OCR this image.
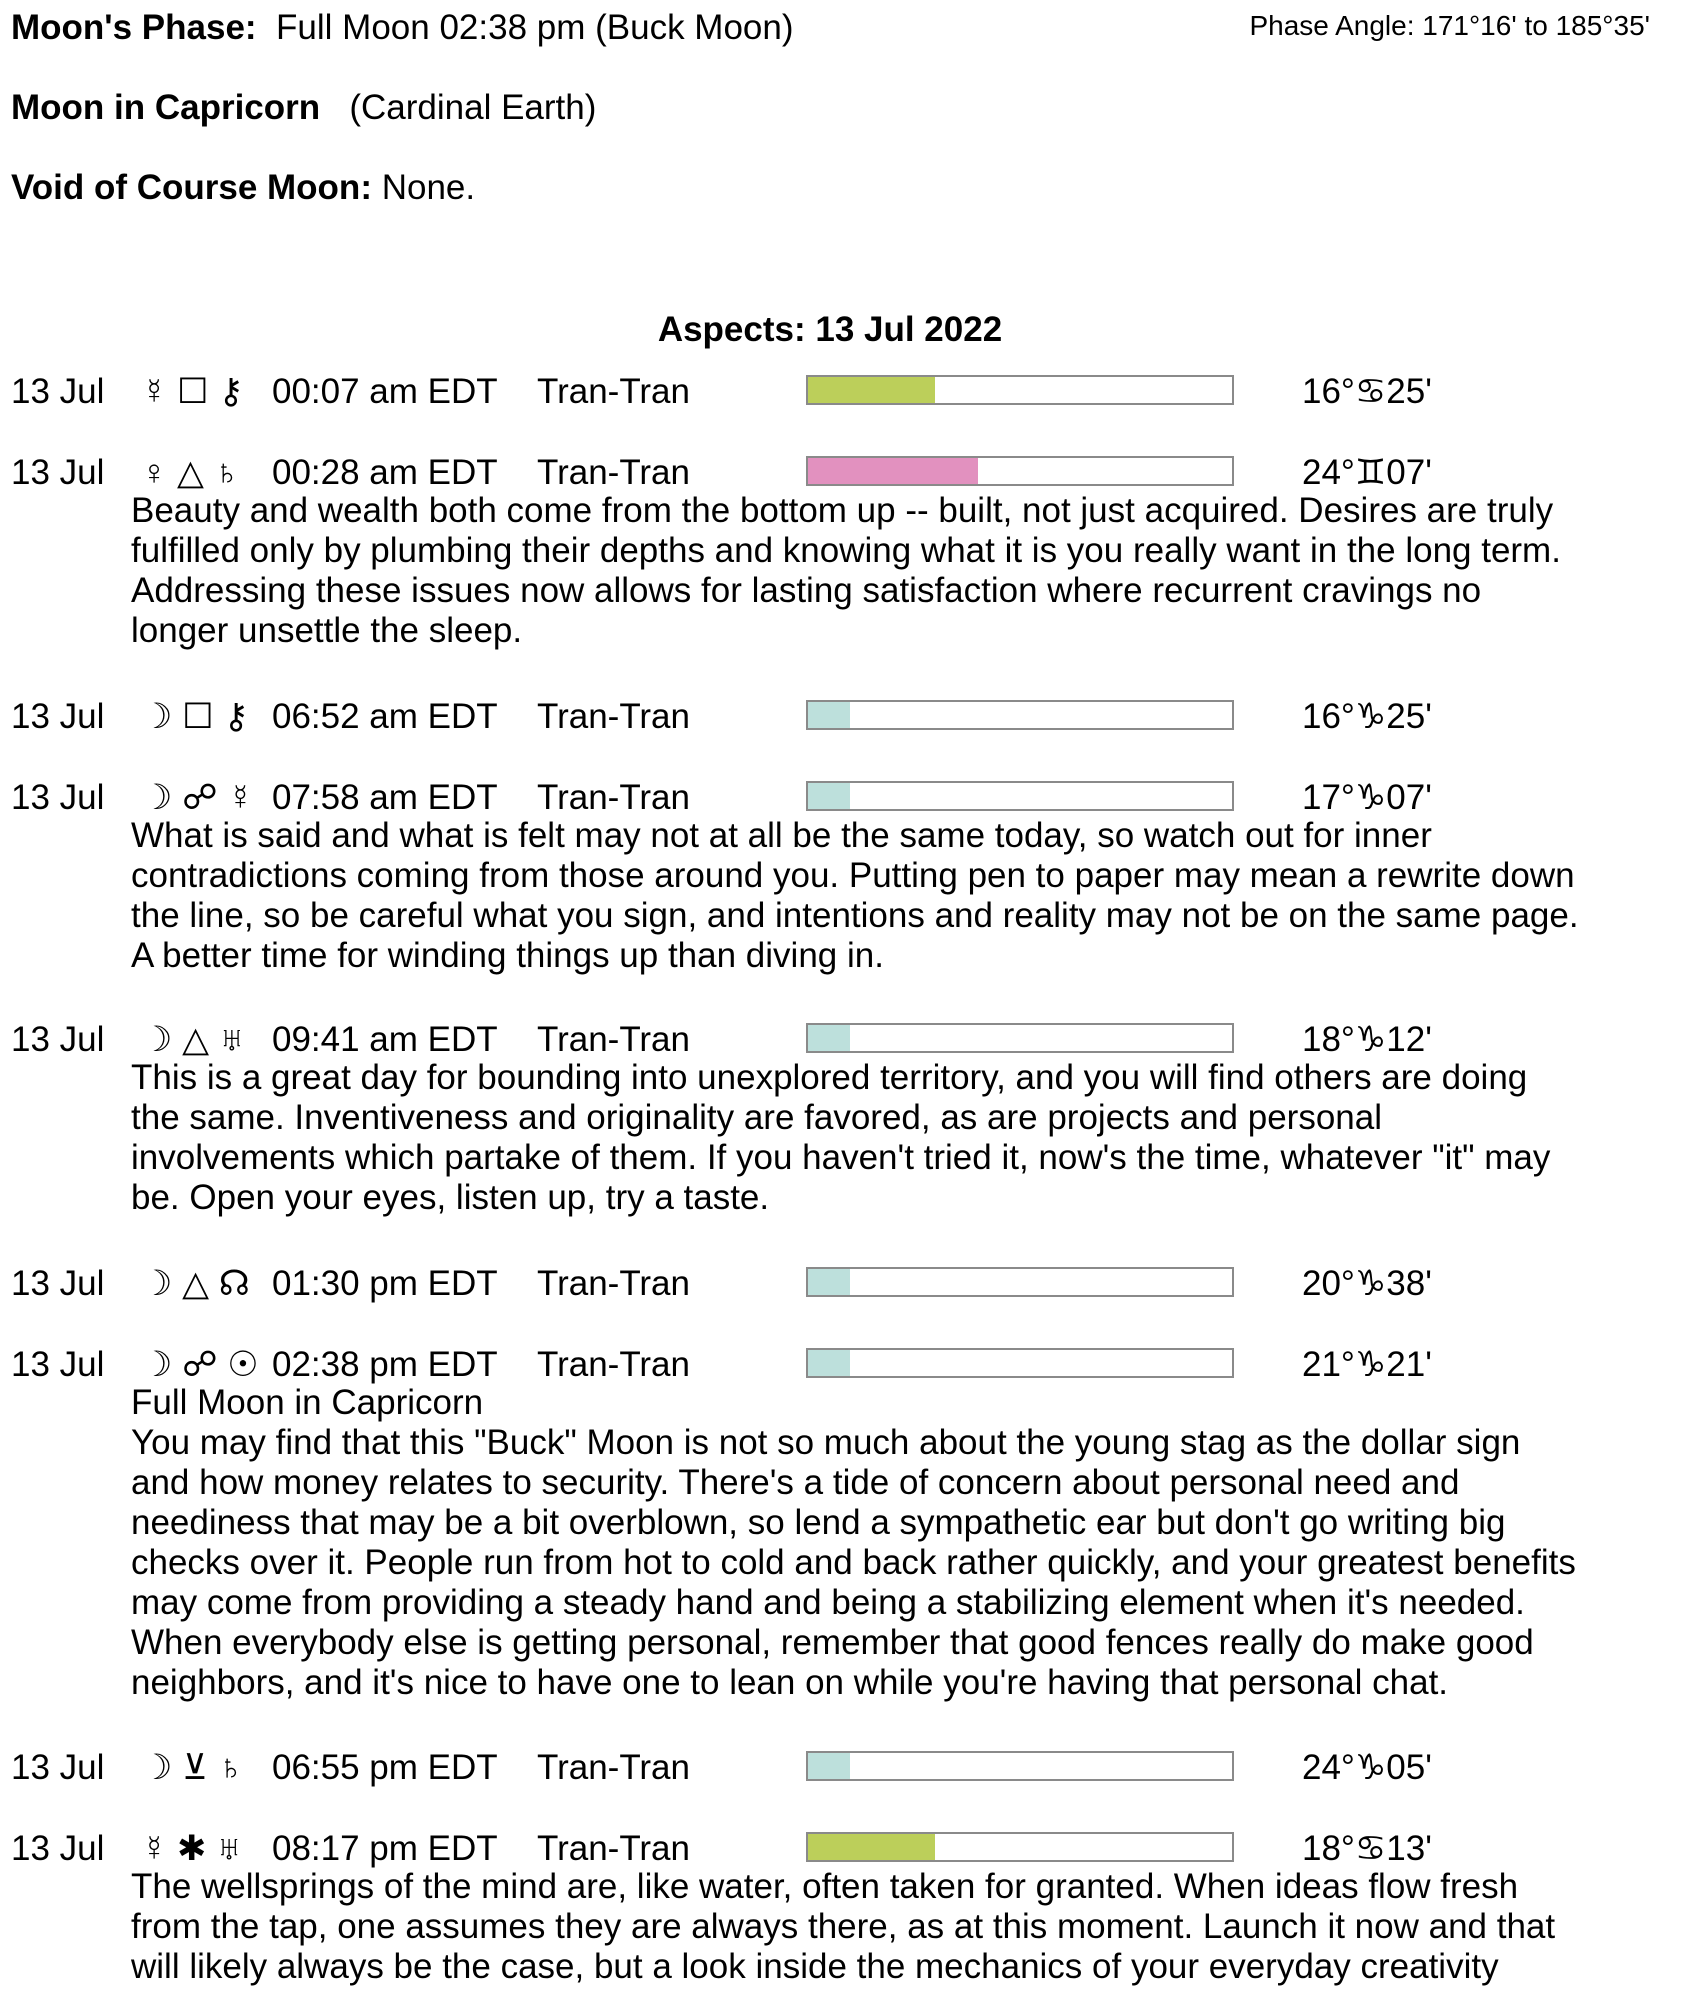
Moon's Phase: Full Moon 02:38 pm (Buck Moon)	Phase Angle: 171°16' to 185°35'
Moon in Capricorn (Cardinal Earth)
Void of Course Moon: None.
Aspects: 13 Jul 2022
13 Jul ☿ ☐ ⚷ 00:07 am EDT Tran-Tran	16°♋25'
13 Jul ♀ △ ♄ 00:28 am EDT Tran-Tran	24°♊07'

Beauty and wealth both come from the bottom up -- built, not just acquired. Desires are truly

fulfilled only by plumbing their depths and knowing what it is you really want in the long term.

Addressing these issues now allows for lasting satisfaction where recurrent cravings no

longer unsettle the sleep.

13 Jul ☽ ☐ ⚷ 06:52 am EDT Tran-Tran	16°♑25'
13 Jul ☽ ☍ ☿ 07:58 am EDT Tran-Tran	17°♑07'

What is said and what is felt may not at all be the same today, so watch out for inner

contradictions coming from those around you. Putting pen to paper may mean a rewrite down

the line, so be careful what you sign, and intentions and reality may not be on the same page.

A better time for winding things up than diving in.

13 Jul ☽ △ ♅ 09:41 am EDT Tran-Tran	18°♑12'

This is a great day for bounding into unexplored territory, and you will find others are doing

the same. Inventiveness and originality are favored, as are projects and personal

involvements which partake of them. If you haven't tried it, now's the time, whatever "it" may

be. Open your eyes, listen up, try a taste.

13 Jul ☽ △ ☊ 01:30 pm EDT Tran-Tran	20°♑38'
13 Jul ☽ ☍ ☉ 02:38 pm EDT Tran-Tran	21°♑21'

Full Moon in Capricorn

You may find that this "Buck" Moon is not so much about the young stag as the dollar sign

and how money relates to security. There's a tide of concern about personal need and

neediness that may be a bit overblown, so lend a sympathetic ear but don't go writing big

checks over it. People run from hot to cold and back rather quickly, and your greatest benefits

may come from providing a steady hand and being a stabilizing element when it's needed.

When everybody else is getting personal, remember that good fences really do make good

neighbors, and it's nice to have one to lean on while you're having that personal chat.

13 Jul ☽ ⊻ ♄ 06:55 pm EDT Tran-Tran	24°♑05'
13 Jul ☿ ✱ ♅ 08:17 pm EDT Tran-Tran	18°♋13'

The wellsprings of the mind are, like water, often taken for granted. When ideas flow fresh

from the tap, one assumes they are always there, as at this moment. Launch it now and that

will likely always be the case, but a look inside the mechanics of your everyday creativity
